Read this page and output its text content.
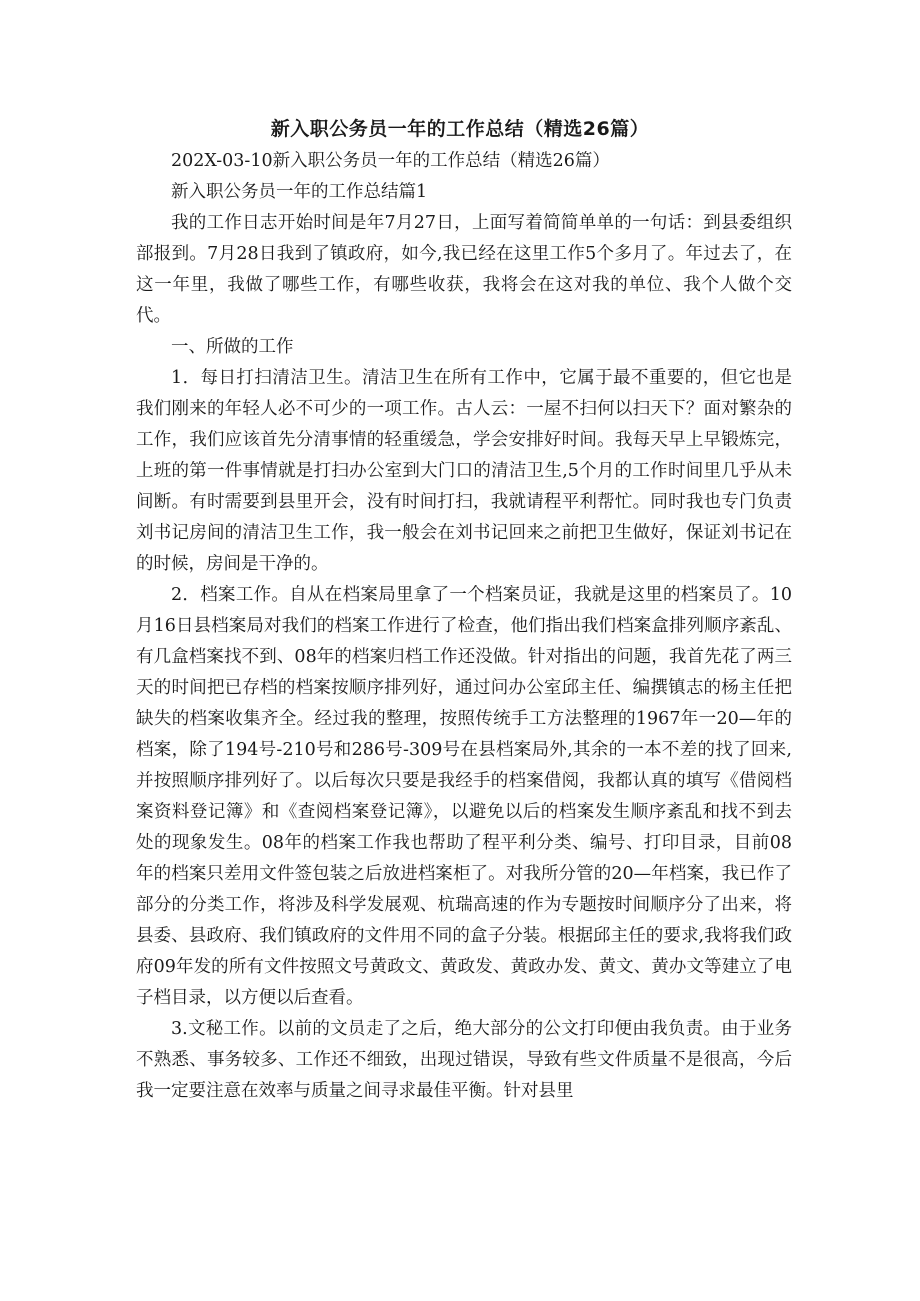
新入职公务员一年的工作总结（精选26篇）

202X-03-10新入职公务员一年的工作总结（精选26篇）

新入职公务员一年的工作总结篇1

我的工作日志开始时间是年7月27日，上面写着简简单单的一句话：到县委组织部报到。7月28日我到了镇政府，如今,我已经在这里工作5个多月了。年过去了，在这一年里，我做了哪些工作，有哪些收获，我将会在这对我的单位、我个人做个交代。

一、所做的工作

1．每日打扫清洁卫生。清洁卫生在所有工作中，它属于最不重要的，但它也是我们刚来的年轻人必不可少的一项工作。古人云：一屋不扫何以扫天下？面对繁杂的工作，我们应该首先分清事情的轻重缓急，学会安排好时间。我每天早上早锻炼完，上班的第一件事情就是打扫办公室到大门口的清洁卫生,5个月的工作时间里几乎从未间断。有时需要到县里开会，没有时间打扫，我就请程平利帮忙。同时我也专门负责刘书记房间的清洁卫生工作，我一般会在刘书记回来之前把卫生做好，保证刘书记在的时候，房间是干净的。

2．档案工作。自从在档案局里拿了一个档案员证，我就是这里的档案员了。10月16日县档案局对我们的档案工作进行了检查，他们指出我们档案盒排列顺序紊乱、有几盒档案找不到、08年的档案归档工作还没做。针对指出的问题，我首先花了两三天的时间把已存档的档案按顺序排列好，通过问办公室邱主任、编撰镇志的杨主任把缺失的档案收集齐全。经过我的整理，按照传统手工方法整理的1967年一20—年的档案，除了194号-210号和286号-309号在县档案局外,其余的一本不差的找了回来,并按照顺序排列好了。以后每次只要是我经手的档案借阅，我都认真的填写《借阅档案资料登记簿》和《查阅档案登记簿》，以避免以后的档案发生顺序紊乱和找不到去处的现象发生。08年的档案工作我也帮助了程平利分类、编号、打印目录，目前08年的档案只差用文件签包装之后放进档案柜了。对我所分管的20—年档案，我已作了部分的分类工作，将涉及科学发展观、杭瑞高速的作为专题按时间顺序分了出来，将县委、县政府、我们镇政府的文件用不同的盒子分装。根据邱主任的要求,我将我们政府09年发的所有文件按照文号黄政文、黄政发、黄政办发、黄文、黄办文等建立了电子档目录，以方便以后查看。

3.文秘工作。以前的文员走了之后，绝大部分的公文打印便由我负责。由于业务不熟悉、事务较多、工作还不细致，出现过错误，导致有些文件质量不是很高，今后我一定要注意在效率与质量之间寻求最佳平衡。针对县里
